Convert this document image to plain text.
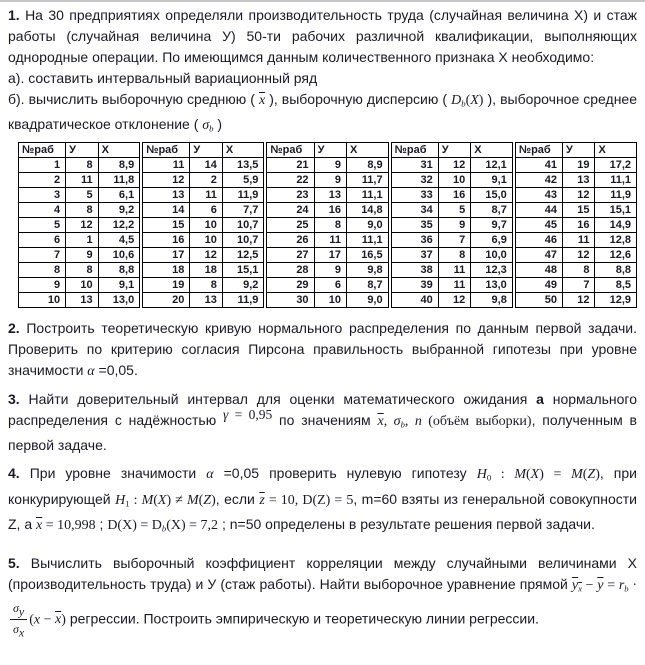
1. На 30 предприятиях определяли производительность труда (случайная величина X) и стаж работы (случайная величина У) 50-ти рабочих различной квалификации, выполняющих однородные операции. По имеющимся данным количественного признака X необходимо:

а). составить интервальный вариационный ряд

б). вычислить выборочную среднюю ( $\overline{x}$ ), выборочную дисперсию ( Db(X) ), выборочное среднее квадратическое отклонение ( σb )

№раб	У	X
1	8	8,9
2	11	11,8
3	5	6,1
4	8	9,2
5	12	12,2
6	1	4,5
7	9	10,6
8	8	8,8
9	10	9,1
10	13	13,0
№раб	У	X
11	14	13,5
12	2	5,9
13	11	11,9
14	6	7,7
15	10	10,7
16	10	10,7
17	12	12,5
18	18	15,1
19	8	9,2
20	13	11,9
№раб	У	X
21	9	8,9
22	9	11,7
23	13	11,1
24	16	14,8
25	8	9,0
26	11	11,1
27	17	16,5
28	9	9,8
29	6	8,7
30	10	9,0
№раб	У	X
31	12	12,1
32	10	9,1
33	16	15,0
34	5	8,7
35	9	9,7
36	7	6,9
37	8	10,0
38	11	12,3
39	11	13,0
40	12	9,8
№раб	У	X
41	19	17,2
42	13	11,1
43	12	11,9
44	15	15,1
45	16	14,9
46	11	12,8
47	12	12,6
48	8	8,8
49	7	8,5
50	12	12,9

2. Построить теоретическую кривую нормального распределения по данным первой задачи. Проверить по критерию согласия Пирсона правильность выбранной гипотезы при уровне значимости α =0,05.

3. Найти доверительный интервал для оценки математического ожидания а нормального распределения с надёжностью γ = 0,95 по значениям $\overline{x}$, σb, n (объём выборки), полученным в первой задаче.

4. При уровне значимости α =0,05 проверить нулевую гипотезу H0 : M(X) = M(Z), при конкурирующей H1 : M(X) ≠ M(Z), если $\overline{z} = 10$, D(Z) = 5, m=60 взяты из генеральной совокупности Z, а $\overline{x} = 10,998$ ; D(X) = Db(X) = 7,2 ; n=50 определены в результате решения первой задачи.

5. Вычислить выборочный коэффициент корреляции между случайными величинами X (производительность труда) и У (стаж работы). Найти выборочное уравнение прямой yx − $\overline{y}$ = rb ·
$\frac{\sigma y}{\sigma x} (x - \overline{x})$ регрессии. Построить эмпирическую и теоретическую линии регрессии.
